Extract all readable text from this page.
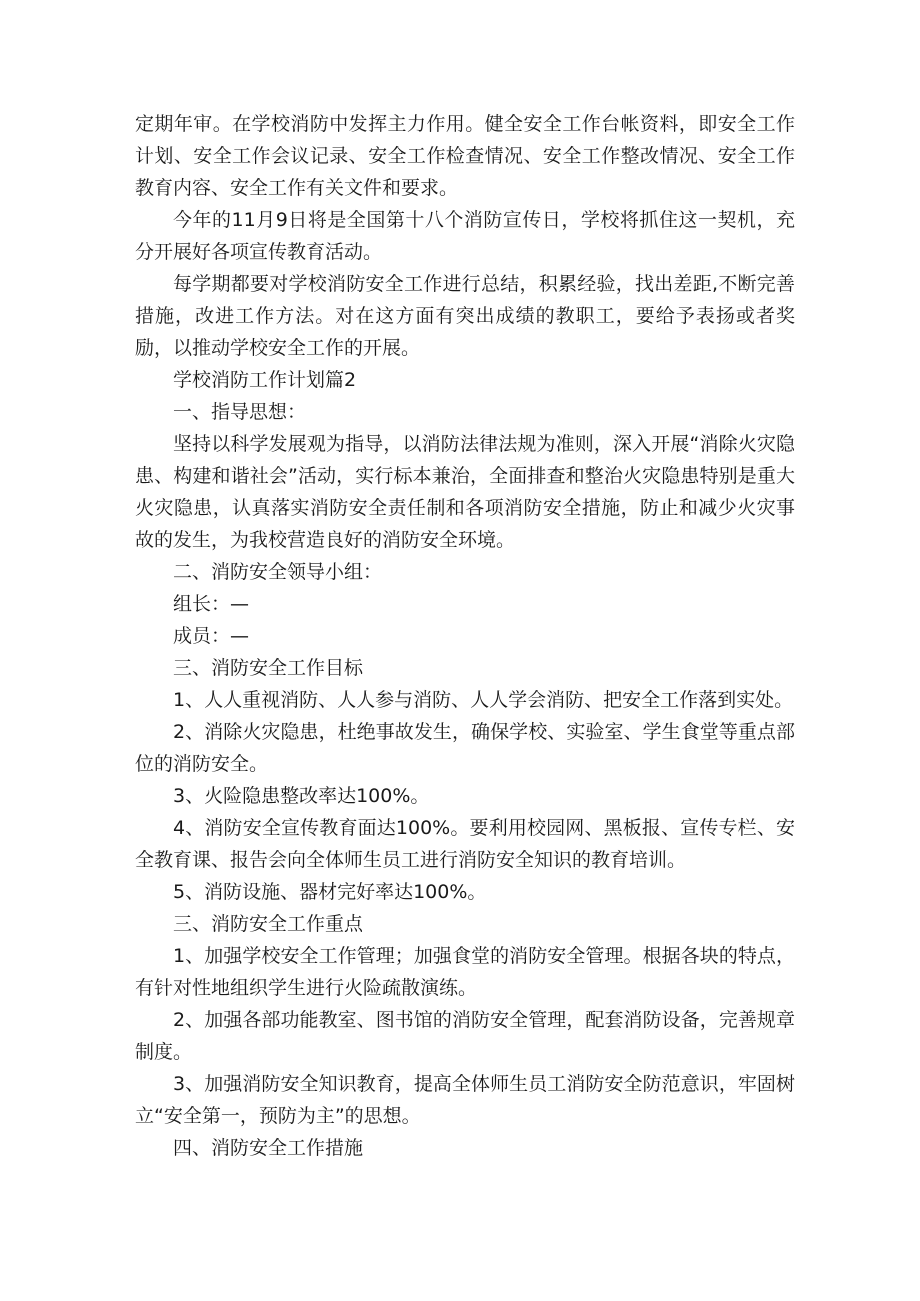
定期年审。在学校消防中发挥主力作用。健全安全工作台帐资料，即安全工作计划、安全工作会议记录、安全工作检查情况、安全工作整改情况、安全工作教育内容、安全工作有关文件和要求。

今年的11月9日将是全国第十八个消防宣传日，学校将抓住这一契机，充分开展好各项宣传教育活动。

每学期都要对学校消防安全工作进行总结，积累经验，找出差距,不断完善措施，改进工作方法。对在这方面有突出成绩的教职工，要给予表扬或者奖励，以推动学校安全工作的开展。

学校消防工作计划篇2

一、指导思想：

坚持以科学发展观为指导，以消防法律法规为准则，深入开展“消除火灾隐患、构建和谐社会”活动，实行标本兼治，全面排查和整治火灾隐患特别是重大火灾隐患，认真落实消防安全责任制和各项消防安全措施，防止和减少火灾事故的发生，为我校营造良好的消防安全环境。

二、消防安全领导小组：

组长：—

成员：—

三、消防安全工作目标

1、人人重视消防、人人参与消防、人人学会消防、把安全工作落到实处。

2、消除火灾隐患，杜绝事故发生，确保学校、实验室、学生食堂等重点部位的消防安全。

3、火险隐患整改率达100%。

4、消防安全宣传教育面达100%。要利用校园网、黑板报、宣传专栏、安全教育课、报告会向全体师生员工进行消防安全知识的教育培训。

5、消防设施、器材完好率达100%。

三、消防安全工作重点

1、加强学校安全工作管理；加强食堂的消防安全管理。根据各块的特点，有针对性地组织学生进行火险疏散演练。

2、加强各部功能教室、图书馆的消防安全管理，配套消防设备，完善规章制度。

3、加强消防安全知识教育，提高全体师生员工消防安全防范意识，牢固树立“安全第一，预防为主”的思想。

四、消防安全工作措施
